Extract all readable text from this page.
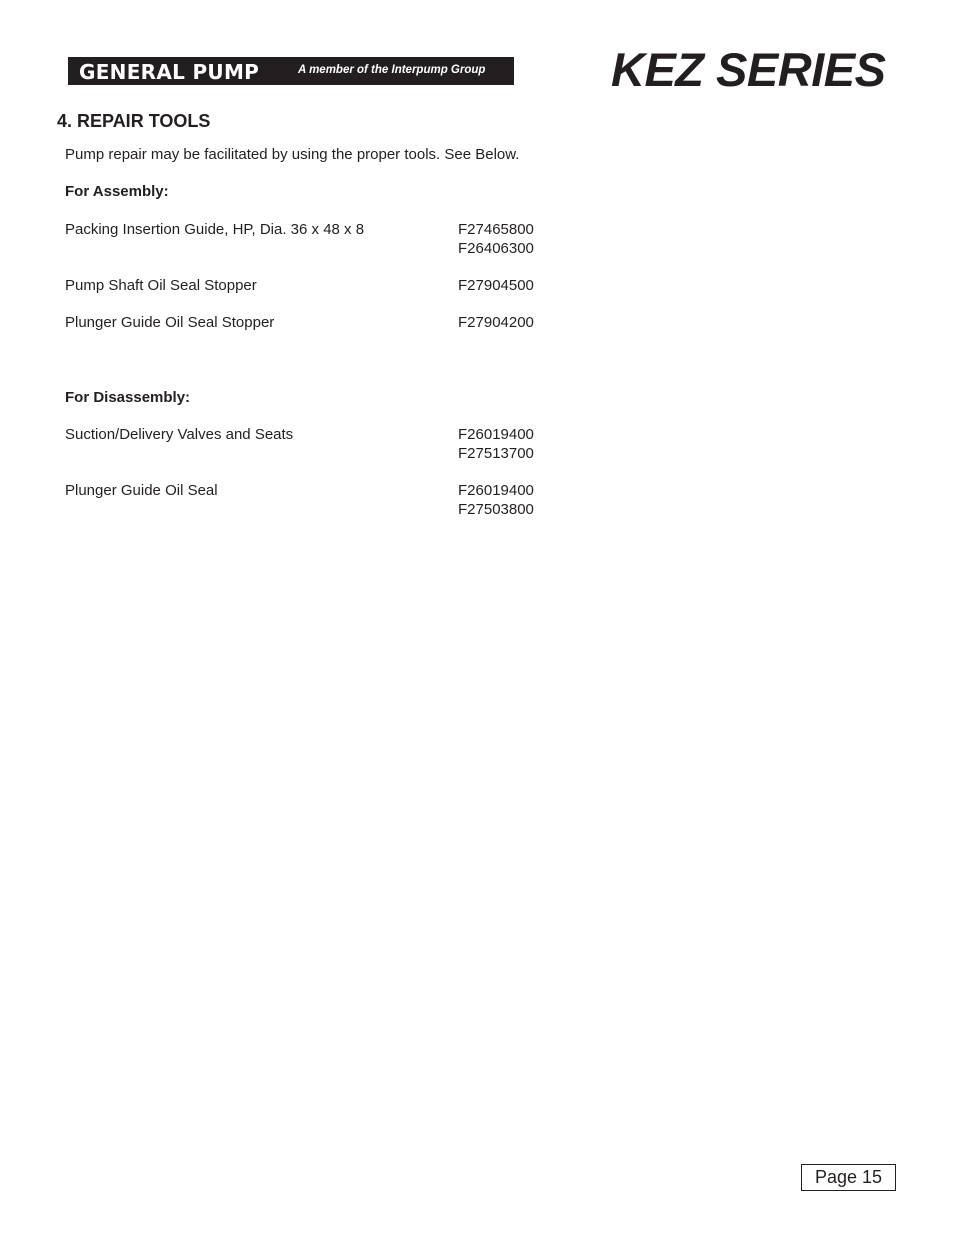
GENERAL PUMP	A member of the Interpump Group	KEZ SERIES
4. REPAIR TOOLS
Pump repair may be facilitated by using the proper tools. See Below.
For Assembly:
Packing Insertion Guide, HP, Dia. 36 x 48 x 8	F27465800
F26406300
Pump Shaft Oil Seal Stopper	F27904500
Plunger Guide Oil Seal Stopper	F27904200
For Disassembly:
Suction/Delivery Valves and Seats	F26019400
F27513700
Plunger Guide Oil Seal	F26019400
F27503800
Page 15
